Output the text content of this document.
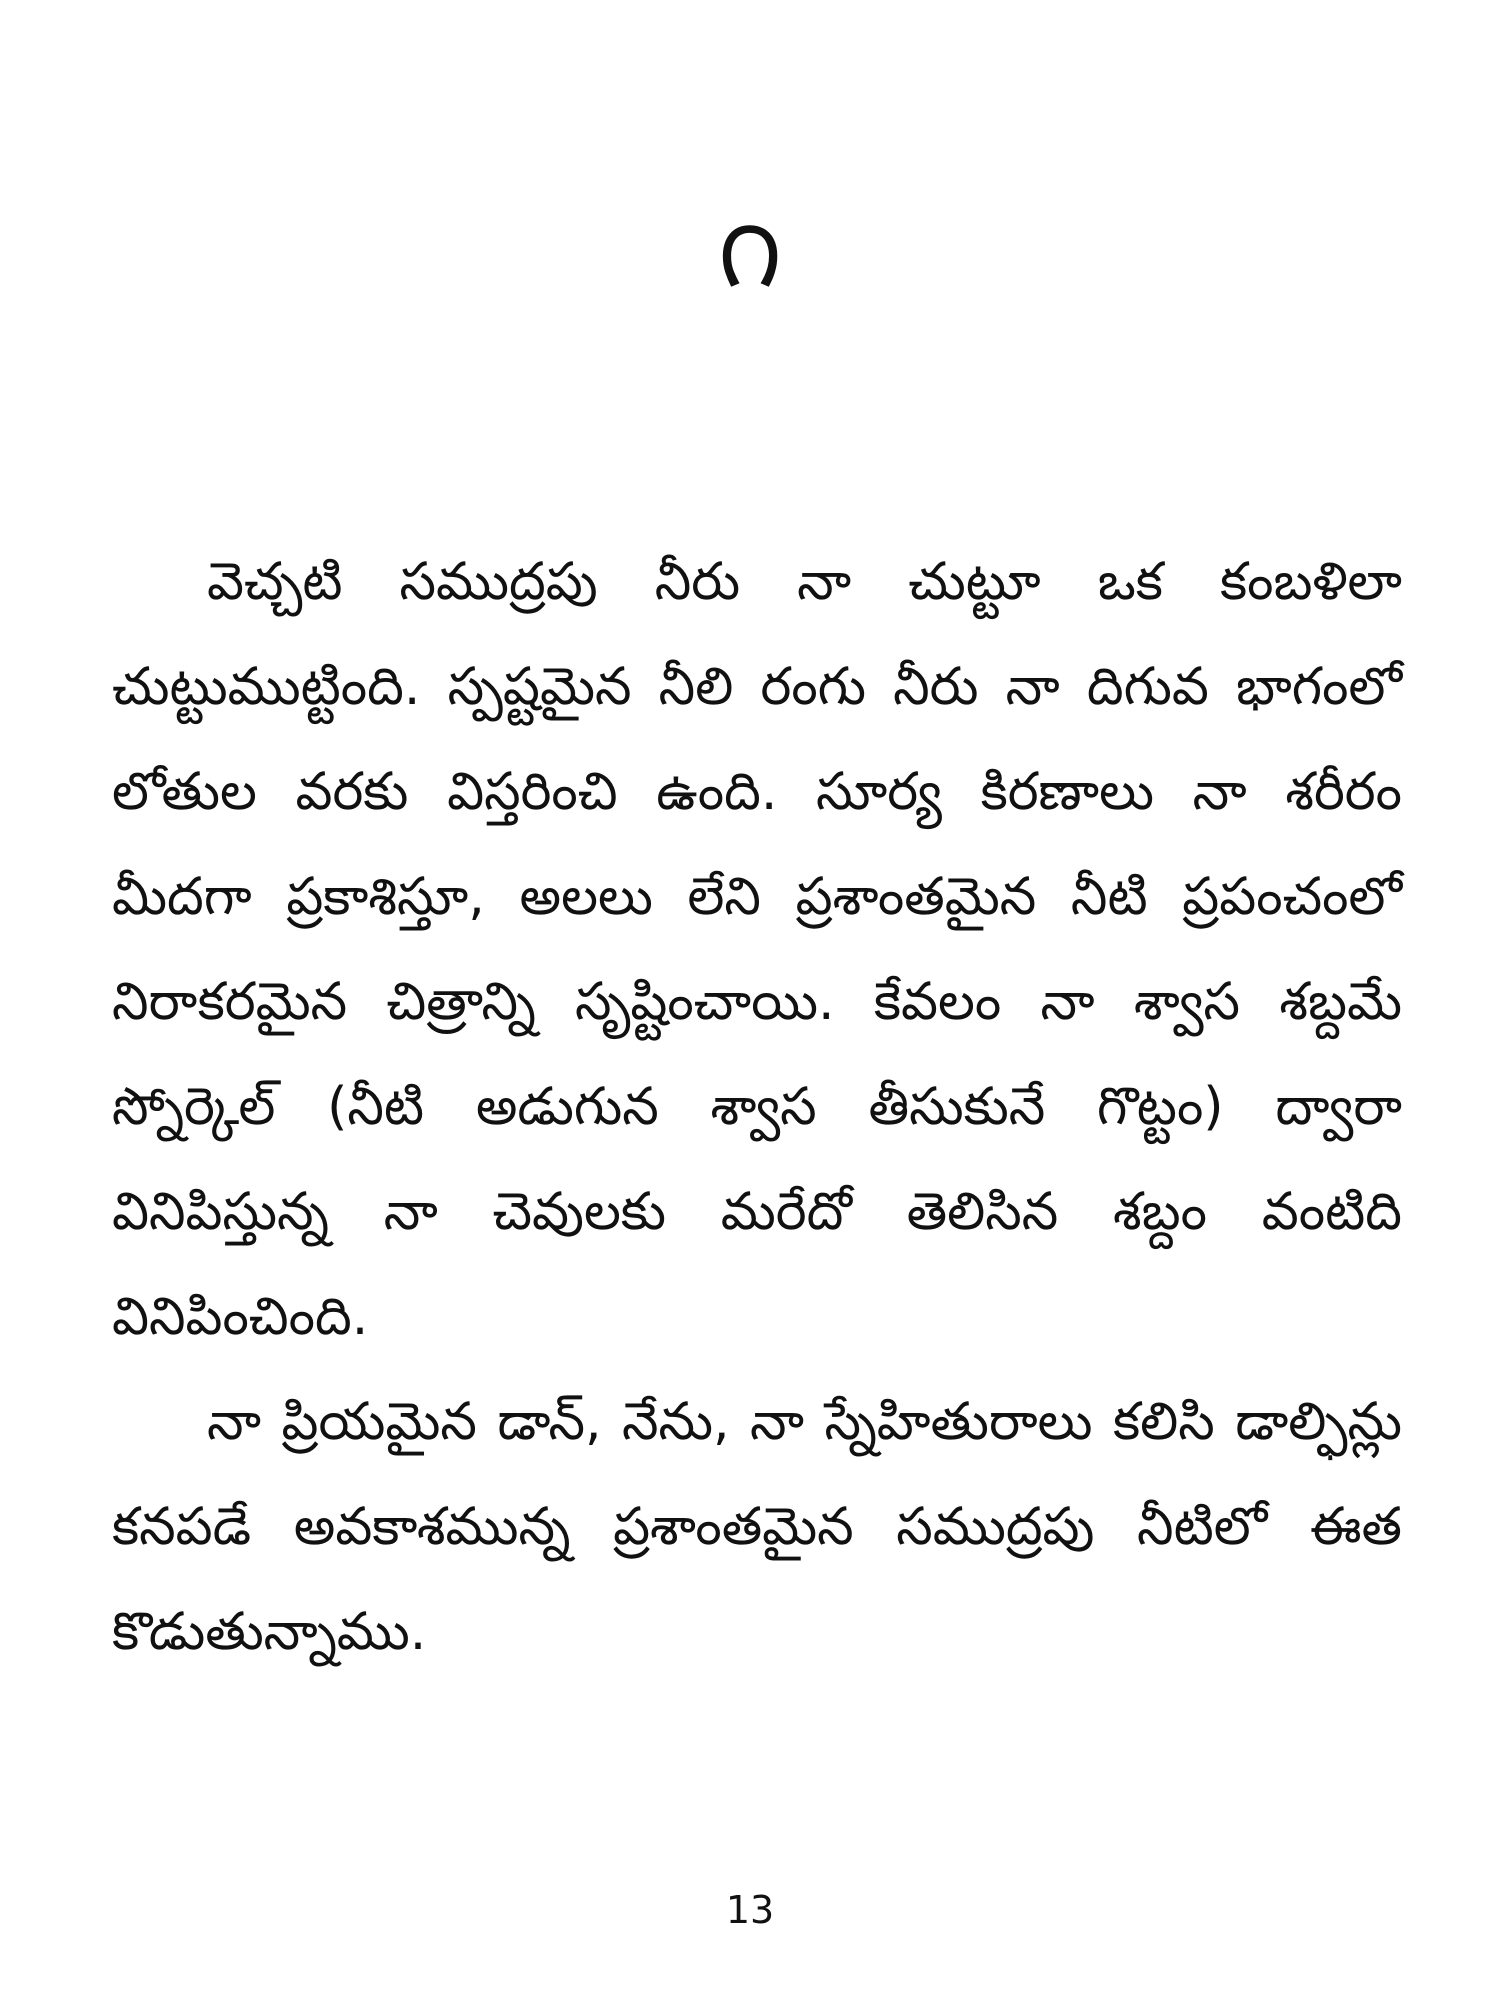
౧

వెచ్చటి సముద్రపు నీరు నా చుట్టూ ఒక కంబళిలా చుట్టుముట్టింది. స్పష్టమైన నీలి రంగు నీరు నా దిగువ భాగంలో లోతుల వరకు విస్తరించి ఉంది. సూర్య కిరణాలు నా శరీరం మీదగా ప్రకాశిస్తూ, అలలు లేని ప్రశాంతమైన నీటి ప్రపంచంలో నిరాకరమైన చిత్రాన్ని సృష్టించాయి. కేవలం నా శ్వాస శబ్దమే స్నోర్కెల్ (నీటి అడుగున శ్వాస తీసుకునే గొట్టం) ద్వారా వినిపిస్తున్న నా చెవులకు మరేదో తెలిసిన శబ్దం వంటిది వినిపించింది.

నా ప్రియమైన డాన్, నేను, నా స్నేహితురాలు కలిసి డాల్ఫిన్లు కనపడే అవకాశమున్న ప్రశాంతమైన సముద్రపు నీటిలో ఈత కొడుతున్నాము.

13
